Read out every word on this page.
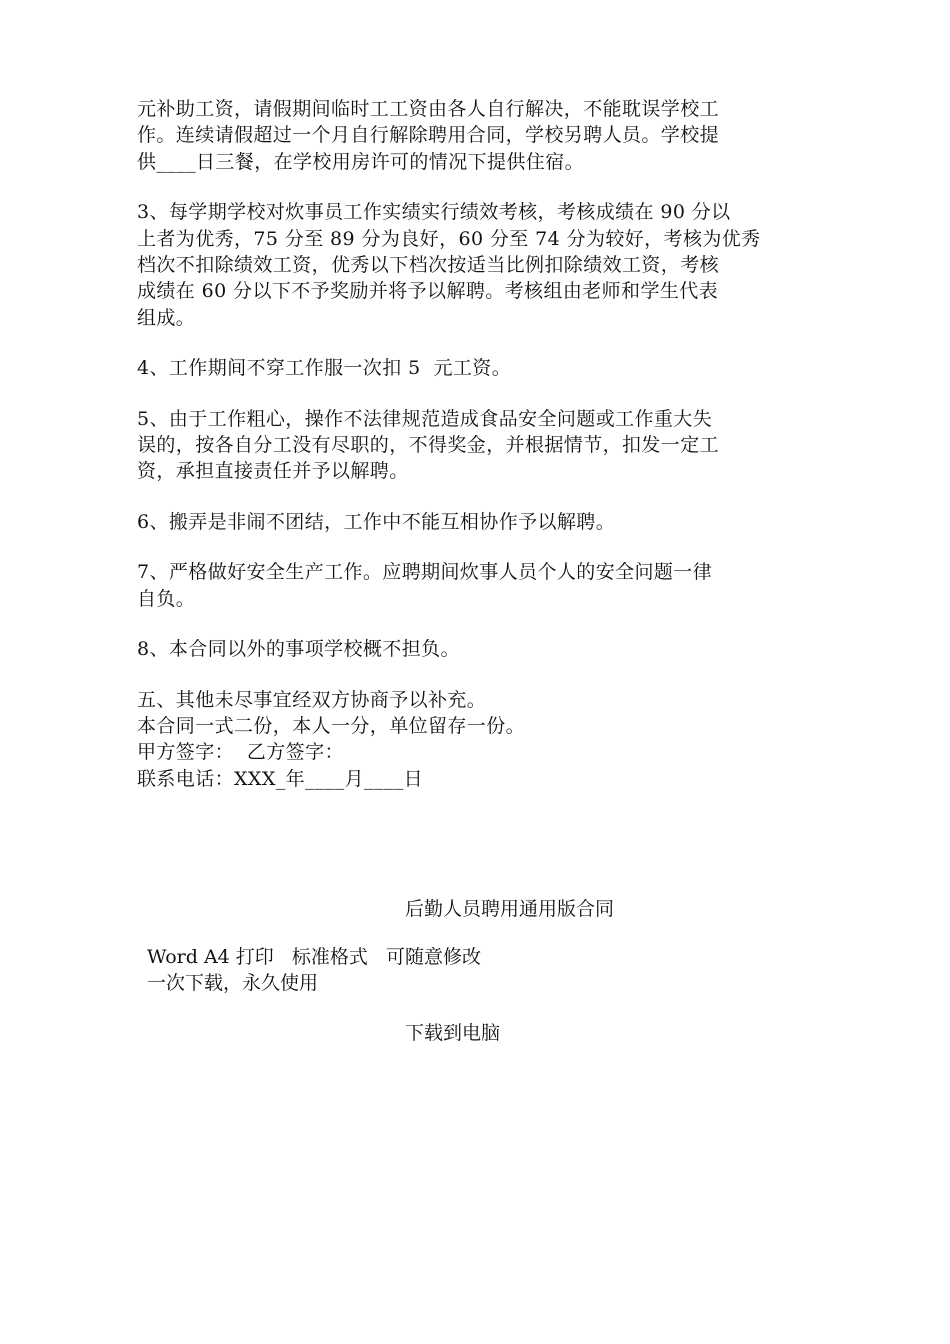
元补助工资，请假期间临时工工资由各人自行解决，不能耽误学校工
作。连续请假超过一个月自行解除聘用合同，学校另聘人员。学校提
供____日三餐，在学校用房许可的情况下提供住宿。

3、每学期学校对炊事员工作实绩实行绩效考核，考核成绩在 90 分以
上者为优秀，75 分至 89 分为良好，60 分至 74 分为较好，考核为优秀
档次不扣除绩效工资，优秀以下档次按适当比例扣除绩效工资，考核
成绩在 60 分以下不予奖励并将予以解聘。考核组由老师和学生代表
组成。

4、工作期间不穿工作服一次扣 5  元工资。

5、由于工作粗心，操作不法律规范造成食品安全问题或工作重大失
误的，按各自分工没有尽职的，不得奖金，并根据情节，扣发一定工
资，承担直接责任并予以解聘。

6、搬弄是非闹不团结，工作中不能互相协作予以解聘。

7、严格做好安全生产工作。应聘期间炊事人员个人的安全问题一律
自负。

8、本合同以外的事项学校概不担负。

五、其他未尽事宜经双方协商予以补充。
本合同一式二份，本人一分，单位留存一份。
甲方签字：  乙方签字：
联系电话：XXX_年____月____日
后勤人员聘用通用版合同
Word A4 打印   标准格式   可随意修改
一次下载，永久使用
下载到电脑
